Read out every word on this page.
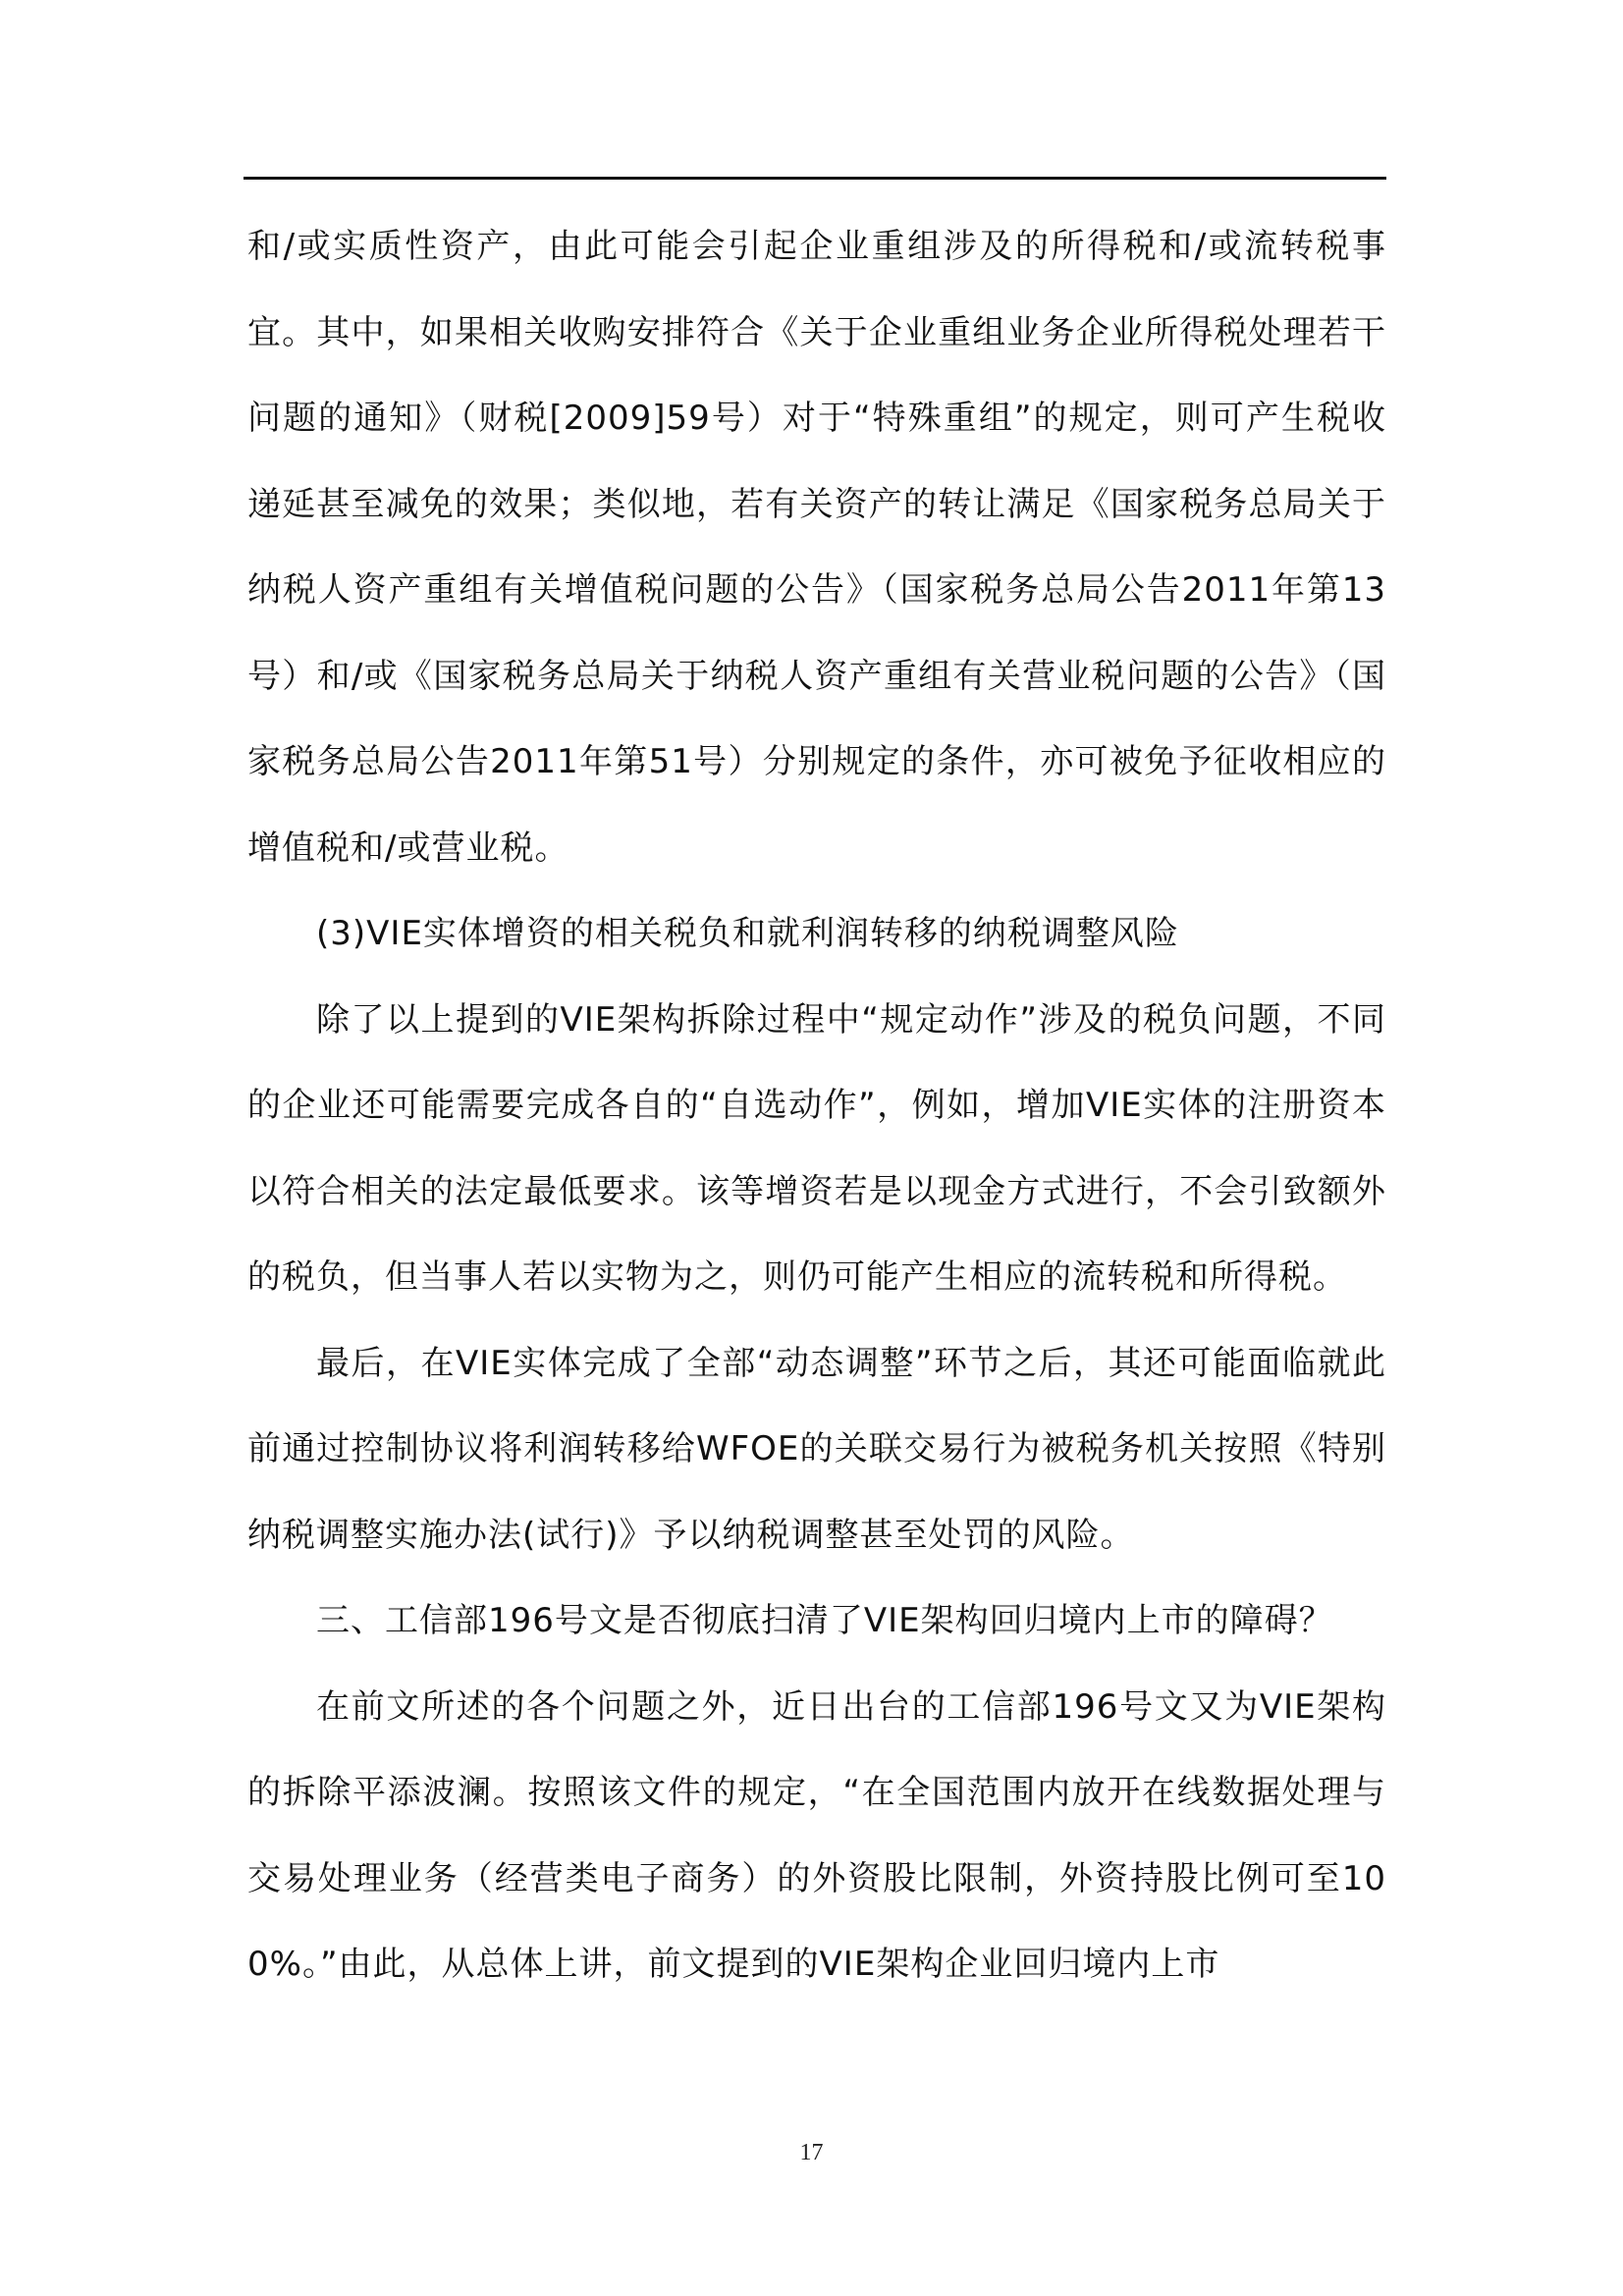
和/或实质性资产，由此可能会引起企业重组涉及的所得税和/或流转税事宜。其中，如果相关收购安排符合《关于企业重组业务企业所得税处理若干问题的通知》（财税[2009]59号）对于“特殊重组”的规定，则可产生税收递延甚至减免的效果；类似地，若有关资产的转让满足《国家税务总局关于纳税人资产重组有关增值税问题的公告》（国家税务总局公告2011年第13号）和/或《国家税务总局关于纳税人资产重组有关营业税问题的公告》（国家税务总局公告2011年第51号）分别规定的条件，亦可被免予征收相应的增值税和/或营业税。

(3)VIE实体增资的相关税负和就利润转移的纳税调整风险

除了以上提到的VIE架构拆除过程中“规定动作”涉及的税负问题，不同的企业还可能需要完成各自的“自选动作”，例如，增加VIE实体的注册资本以符合相关的法定最低要求。该等增资若是以现金方式进行，不会引致额外的税负，但当事人若以实物为之，则仍可能产生相应的流转税和所得税。

最后，在VIE实体完成了全部“动态调整”环节之后，其还可能面临就此前通过控制协议将利润转移给WFOE的关联交易行为被税务机关按照《特别纳税调整实施办法(试行)》予以纳税调整甚至处罚的风险。

三、工信部196号文是否彻底扫清了VIE架构回归境内上市的障碍？

在前文所述的各个问题之外，近日出台的工信部196号文又为VIE架构的拆除平添波澜。按照该文件的规定，“在全国范围内放开在线数据处理与交易处理业务（经营类电子商务）的外资股比限制，外资持股比例可至100%。”由此，从总体上讲，前文提到的VIE架构企业回归境内上市

17
